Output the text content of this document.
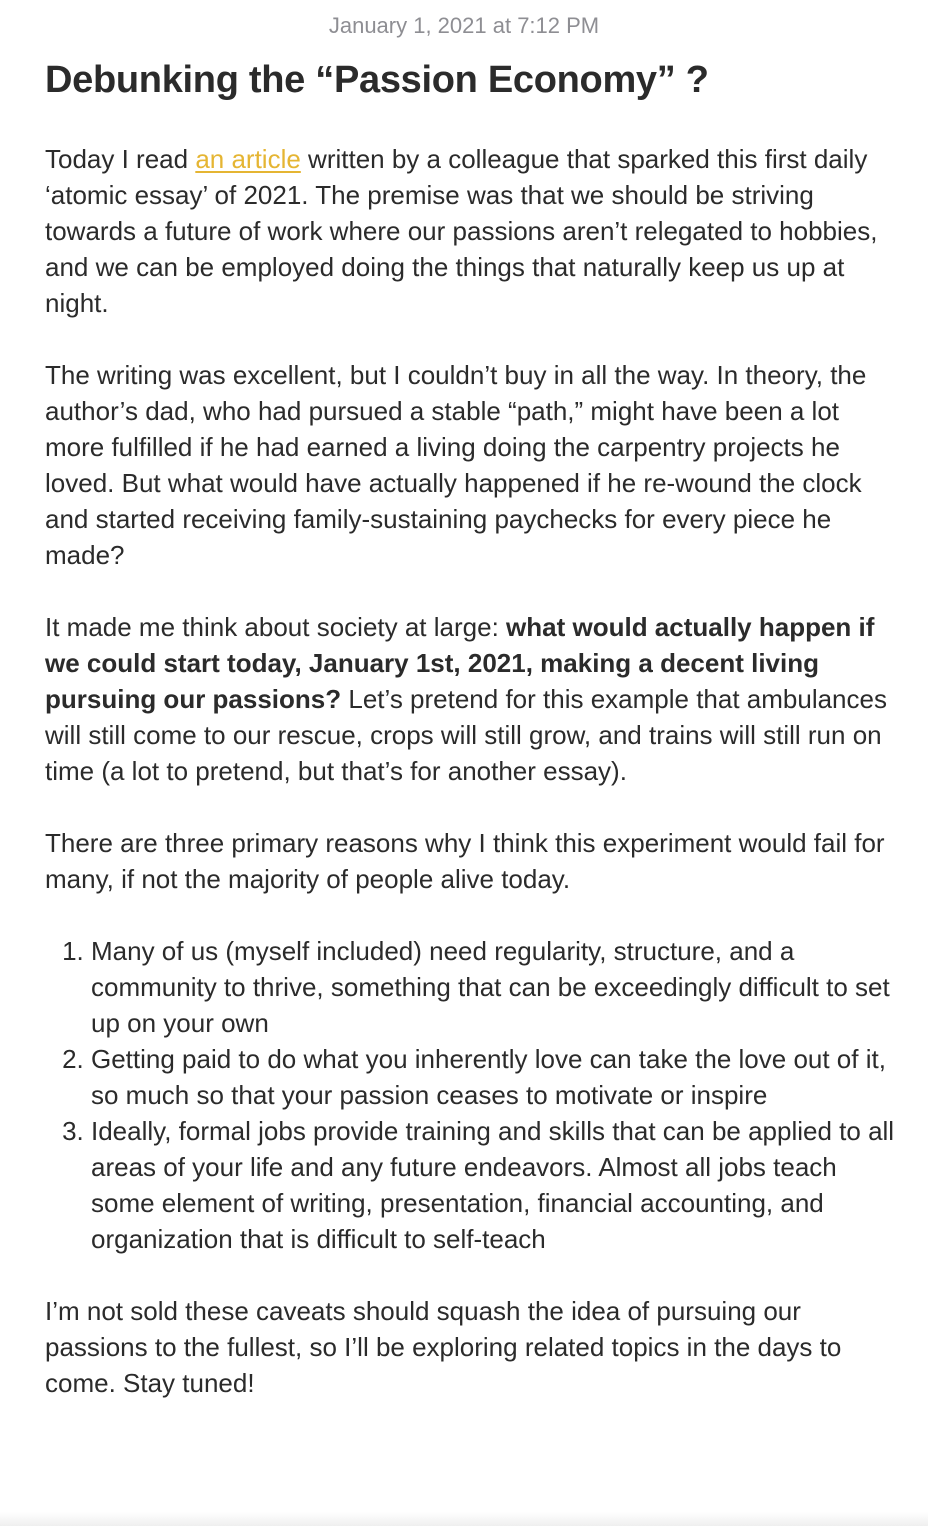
January 1, 2021 at 7:12 PM
Debunking the “Passion Economy” ?

Today I read an article written by a colleague that sparked this first daily ‘atomic essay’ of 2021. The premise was that we should be striving towards a future of work where our passions aren’t relegated to hobbies, and we can be employed doing the things that naturally keep us up at night.

The writing was excellent, but I couldn’t buy in all the way. In theory, the author’s dad, who had pursued a stable “path,” might have been a lot more fulfilled if he had earned a living doing the carpentry projects he loved. But what would have actually happened if he re-wound the clock and started receiving family-sustaining paychecks for every piece he made?

It made me think about society at large: what would actually happen if we could start today, January 1st, 2021, making a decent living pursuing our passions? Let’s pretend for this example that ambulances will still come to our rescue, crops will still grow, and trains will still run on time (a lot to pretend, but that’s for another essay).

There are three primary reasons why I think this experiment would fail for many, if not the majority of people alive today.

1. Many of us (myself included) need regularity, structure, and a community to thrive, something that can be exceedingly difficult to set up on your own
2. Getting paid to do what you inherently love can take the love out of it, so much so that your passion ceases to motivate or inspire
3. Ideally, formal jobs provide training and skills that can be applied to all areas of your life and any future endeavors. Almost all jobs teach some element of writing, presentation, financial accounting, and organization that is difficult to self-teach

I’m not sold these caveats should squash the idea of pursuing our passions to the fullest, so I’ll be exploring related topics in the days to come. Stay tuned!
